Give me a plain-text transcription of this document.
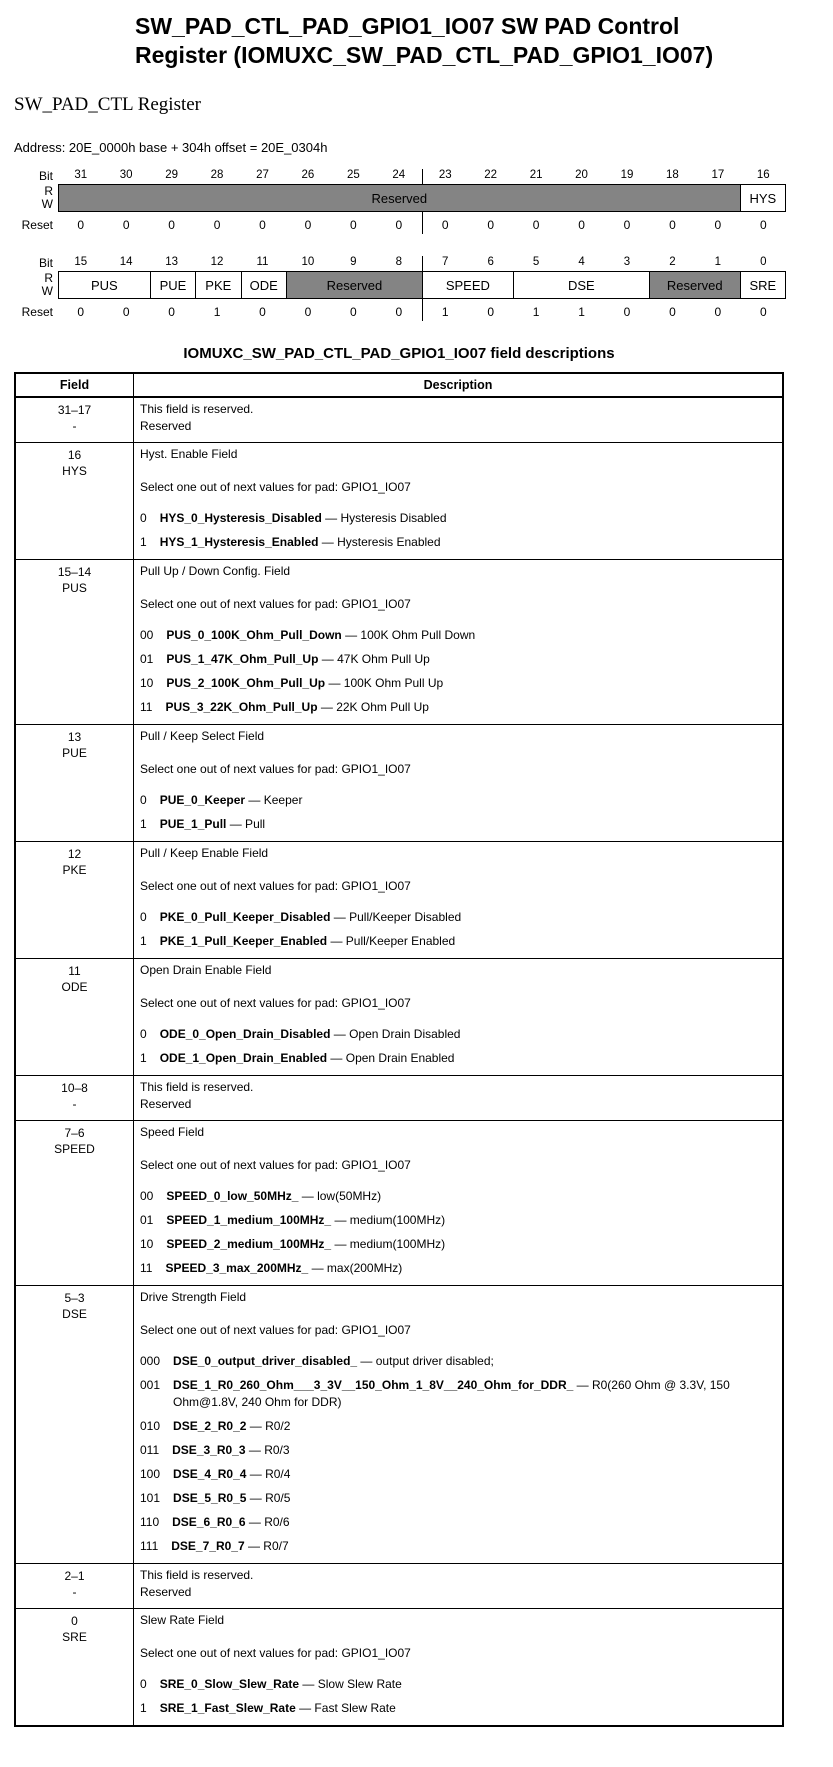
SW_PAD_CTL_PAD_GPIO1_IO07 SW PAD Control
Register (IOMUXC_SW_PAD_CTL_PAD_GPIO1_IO07)
SW_PAD_CTL Register

Address: 20E_0000h base + 304h offset = 20E_0304h

Bit	31	30	29	28	27	26	25	24	23	22	21	20	19	18	17	16
R
W	Reserved	HYS
Reset	0	0	0	0	0	0	0	0	0	0	0	0	0	0	0	0
Bit	15	14	13	12	11	10	9	8	7	6	5	4	3	2	1	0
R
W	PUS	PUE	PKE	ODE	Reserved	SPEED	DSE	Reserved	SRE
Reset	0	0	0	1	0	0	0	0	1	0	1	1	0	0	0	0
IOMUXC_SW_PAD_CTL_PAD_GPIO1_IO07 field descriptions
Field	Description

31–17
-

This field is reserved.
Reserved

16
HYS

Hyst. Enable Field
Select one out of next values for pad: GPIO1_IO07
0 HYS_0_Hysteresis_Disabled — Hysteresis Disabled
1 HYS_1_Hysteresis_Enabled — Hysteresis Enabled

15–14
PUS

Pull Up / Down Config. Field
Select one out of next values for pad: GPIO1_IO07
00 PUS_0_100K_Ohm_Pull_Down — 100K Ohm Pull Down
01 PUS_1_47K_Ohm_Pull_Up — 47K Ohm Pull Up
10 PUS_2_100K_Ohm_Pull_Up — 100K Ohm Pull Up
11 PUS_3_22K_Ohm_Pull_Up — 22K Ohm Pull Up

13
PUE

Pull / Keep Select Field
Select one out of next values for pad: GPIO1_IO07
0 PUE_0_Keeper — Keeper
1 PUE_1_Pull — Pull

12
PKE

Pull / Keep Enable Field
Select one out of next values for pad: GPIO1_IO07
0 PKE_0_Pull_Keeper_Disabled — Pull/Keeper Disabled
1 PKE_1_Pull_Keeper_Enabled — Pull/Keeper Enabled

11
ODE

Open Drain Enable Field
Select one out of next values for pad: GPIO1_IO07
0 ODE_0_Open_Drain_Disabled — Open Drain Disabled
1 ODE_1_Open_Drain_Enabled — Open Drain Enabled

10–8
-

This field is reserved.
Reserved

7–6
SPEED

Speed Field
Select one out of next values for pad: GPIO1_IO07
00 SPEED_0_low_50MHz_ — low(50MHz)
01 SPEED_1_medium_100MHz_ — medium(100MHz)
10 SPEED_2_medium_100MHz_ — medium(100MHz)
11 SPEED_3_max_200MHz_ — max(200MHz)

5–3
DSE

Drive Strength Field
Select one out of next values for pad: GPIO1_IO07
000 DSE_0_output_driver_disabled_ — output driver disabled;
001 DSE_1_R0_260_Ohm___3_3V__150_Ohm_1_8V__240_Ohm_for_DDR_ — R0(260 Ohm @ 3.3V, 150 Ohm@1.8V, 240 Ohm for DDR)
010 DSE_2_R0_2 — R0/2
011 DSE_3_R0_3 — R0/3
100 DSE_4_R0_4 — R0/4
101 DSE_5_R0_5 — R0/5
110 DSE_6_R0_6 — R0/6
111 DSE_7_R0_7 — R0/7

2–1
-

This field is reserved.
Reserved

0
SRE

Slew Rate Field
Select one out of next values for pad: GPIO1_IO07
0 SRE_0_Slow_Slew_Rate — Slow Slew Rate
1 SRE_1_Fast_Slew_Rate — Fast Slew Rate
